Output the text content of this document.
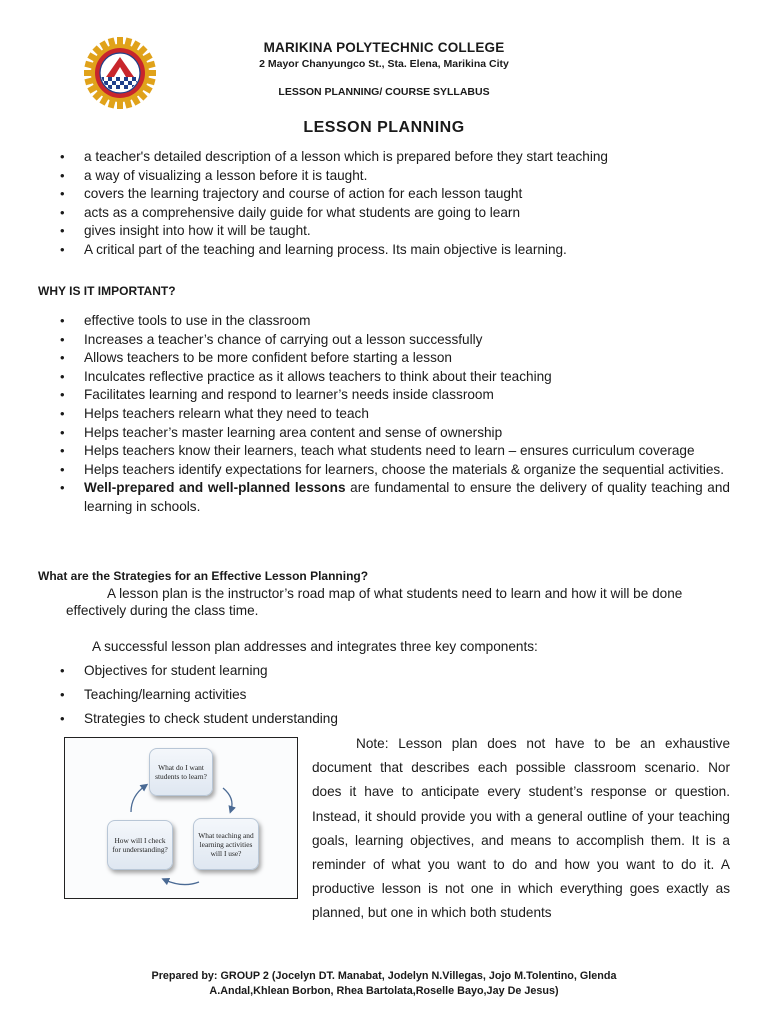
MARIKINA POLYTECHNIC COLLEGE
2 Mayor Chanyungco St., Sta. Elena, Marikina City
LESSON PLANNING/ COURSE SYLLABUS
LESSON PLANNING
• a teacher's detailed description of a lesson which is prepared before they start teaching
• a way of visualizing a lesson before it is taught.
• covers the learning trajectory and course of action for each lesson taught
• acts as a comprehensive daily guide for what students are going to learn
• gives insight into how it will be taught.
• A critical part of the teaching and learning process. Its main objective is learning.
WHY IS IT IMPORTANT?
• effective tools to use in the classroom
• Increases a teacher’s chance of carrying out a lesson successfully
• Allows teachers to be more confident before starting a lesson
• Inculcates reflective practice as it allows teachers to think about their teaching
• Facilitates learning and respond to learner’s needs inside classroom
• Helps teachers relearn what they need to teach
• Helps teacher’s master learning area content and sense of ownership
• Helps teachers know their learners, teach what students need to learn – ensures curriculum coverage
• Helps teachers identify expectations for learners, choose the materials & organize the sequential activities.
• Well-prepared and well-planned lessons are fundamental to ensure the delivery of quality teaching and learning in schools.
What are the Strategies for an Effective Lesson Planning?
A lesson plan is the instructor’s road map of what students need to learn and how it will be done effectively during the class time.
A successful lesson plan addresses and integrates three key components:
• Objectives for student learning
• Teaching/learning activities
• Strategies to check student understanding
What do I want students to learn?
What teaching and learning activities will I use?
How will I check for understanding?
Note: Lesson plan does not have to be an exhaustive document that describes each possible classroom scenario. Nor does it have to anticipate every student’s response or question. Instead, it should provide you with a general outline of your teaching goals, learning objectives, and means to accomplish them. It is a reminder of what you want to do and how you want to do it. A productive lesson is not one in which everything goes exactly as planned, but one in which both students
Prepared by: GROUP 2 (Jocelyn DT. Manabat, Jodelyn N.Villegas, Jojo M.Tolentino, Glenda
A.Andal,Khlean Borbon, Rhea Bartolata,Roselle Bayo,Jay De Jesus)
